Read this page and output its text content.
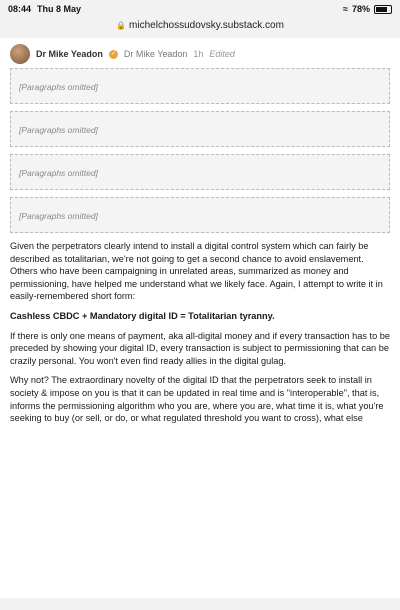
08:44 Thu 8 May	≈ 78%
🔒 michelchossudovsky.substack.com
Dr Mike Yeadon	✓ Dr Mike Yeadon 1h Edited
[Paragraphs omitted]
[Paragraphs omitted]
[Paragraphs omitted]
[Paragraphs omitted]

Given the perpetrators clearly intend to install a digital control system which can fairly be described as totalitarian, we're not going to get a second chance to avoid enslavement. Others who have been campaigning in unrelated areas, summarized as money and permissioning, have helped me understand what we likely face. Again, I attempt to write it in easily-remembered short form:

Cashless CBDC + Mandatory digital ID = Totalitarian tyranny.

If there is only one means of payment, aka all-digital money and if every transaction has to be preceded by showing your digital ID, every transaction is subject to permissioning that can be crazily personal. You won't even find ready allies in the digital gulag.

Why not? The extraordinary novelty of the digital ID that the perpetrators seek to install in society & impose on you is that it can be updated in real time and is "interoperable", that is, informs the permissioning algorithm who you are, where you are, what time it is, what you're seeking to buy (or sell, or do, or what regulated threshold you want to cross), what else
